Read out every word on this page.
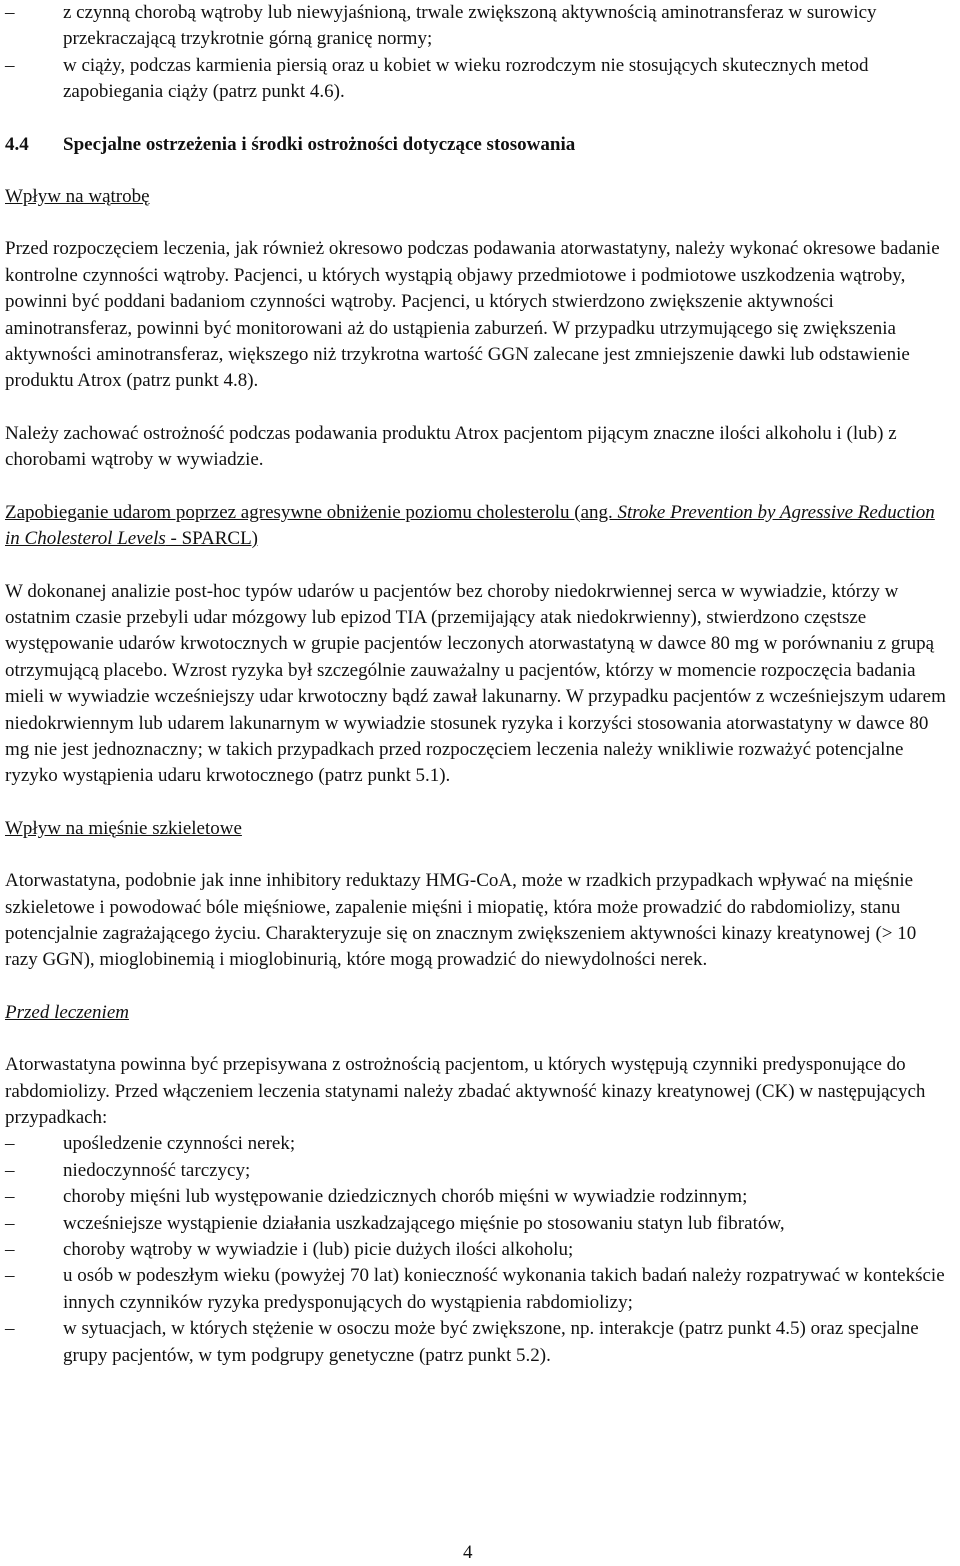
–	z czynną chorobą wątroby lub niewyjaśnioną, trwale zwiększoną aktywnością aminotransferaz w surowicy przekraczającą trzykrotnie górną granicę normy;
–	w ciąży, podczas karmienia piersią oraz u kobiet w wieku rozrodczym nie stosujących skutecznych metod zapobiegania ciąży (patrz punkt 4.6).

4.4 Specjalne ostrzeżenia i środki ostrożności dotyczące stosowania

Wpływ na wątrobę

Przed rozpoczęciem leczenia, jak również okresowo podczas podawania atorwastatyny, należy wykonać okresowe badanie kontrolne czynności wątroby. Pacjenci, u których wystąpią objawy przedmiotowe i podmiotowe uszkodzenia wątroby, powinni być poddani badaniom czynności wątroby. Pacjenci, u których stwierdzono zwiększenie aktywności aminotransferaz, powinni być monitorowani aż do ustąpienia zaburzeń. W przypadku utrzymującego się zwiększenia aktywności aminotransferaz, większego niż trzykrotna wartość GGN zalecane jest zmniejszenie dawki lub odstawienie produktu Atrox (patrz punkt 4.8).

Należy zachować ostrożność podczas podawania produktu Atrox pacjentom pijącym znaczne ilości alkoholu i (lub) z chorobami wątroby w wywiadzie.

Zapobieganie udarom poprzez agresywne obniżenie poziomu cholesterolu (ang. Stroke Prevention by Agressive Reduction in Cholesterol Levels - SPARCL)

W dokonanej analizie post-hoc typów udarów u pacjentów bez choroby niedokrwiennej serca w wywiadzie, którzy w ostatnim czasie przebyli udar mózgowy lub epizod TIA (przemijający atak niedokrwienny), stwierdzono częstsze występowanie udarów krwotocznych w grupie pacjentów leczonych atorwastatyną w dawce 80 mg w porównaniu z grupą otrzymującą placebo. Wzrost ryzyka był szczególnie zauważalny u pacjentów, którzy w momencie rozpoczęcia badania mieli w wywiadzie wcześniejszy udar krwotoczny bądź zawał lakunarny. W przypadku pacjentów z wcześniejszym udarem niedokrwiennym lub udarem lakunarnym w wywiadzie stosunek ryzyka i korzyści stosowania atorwastatyny w dawce 80 mg nie jest jednoznaczny; w takich przypadkach przed rozpoczęciem leczenia należy wnikliwie rozważyć potencjalne ryzyko wystąpienia udaru krwotocznego (patrz punkt 5.1).

Wpływ na mięśnie szkieletowe

Atorwastatyna, podobnie jak inne inhibitory reduktazy HMG-CoA, może w rzadkich przypadkach wpływać na mięśnie szkieletowe i powodować bóle mięśniowe, zapalenie mięśni i miopatię, która może prowadzić do rabdomiolizy, stanu potencjalnie zagrażającego życiu. Charakteryzuje się on znacznym zwiększeniem aktywności kinazy kreatynowej (> 10 razy GGN), mioglobinemią i mioglobinurią, które mogą prowadzić do niewydolności nerek.

Przed leczeniem

Atorwastatyna powinna być przepisywana z ostrożnością pacjentom, u których występują czynniki predysponujące do rabdomiolizy. Przed włączeniem leczenia statynami należy zbadać aktywność kinazy kreatynowej (CK) w następujących przypadkach:

–	upośledzenie czynności nerek;
–	niedoczynność tarczycy;
–	choroby mięśni lub występowanie dziedzicznych chorób mięśni w wywiadzie rodzinnym;
–	wcześniejsze wystąpienie działania uszkadzającego mięśnie po stosowaniu statyn lub fibratów,
–	choroby wątroby w wywiadzie i (lub) picie dużych ilości alkoholu;
–	u osób w podeszłym wieku (powyżej 70 lat) konieczność wykonania takich badań należy rozpatrywać w kontekście innych czynników ryzyka predysponujących do wystąpienia rabdomiolizy;
–	w sytuacjach, w których stężenie w osoczu może być zwiększone, np. interakcje (patrz punkt 4.5) oraz specjalne grupy pacjentów, w tym podgrupy genetyczne (patrz punkt 5.2).
4
